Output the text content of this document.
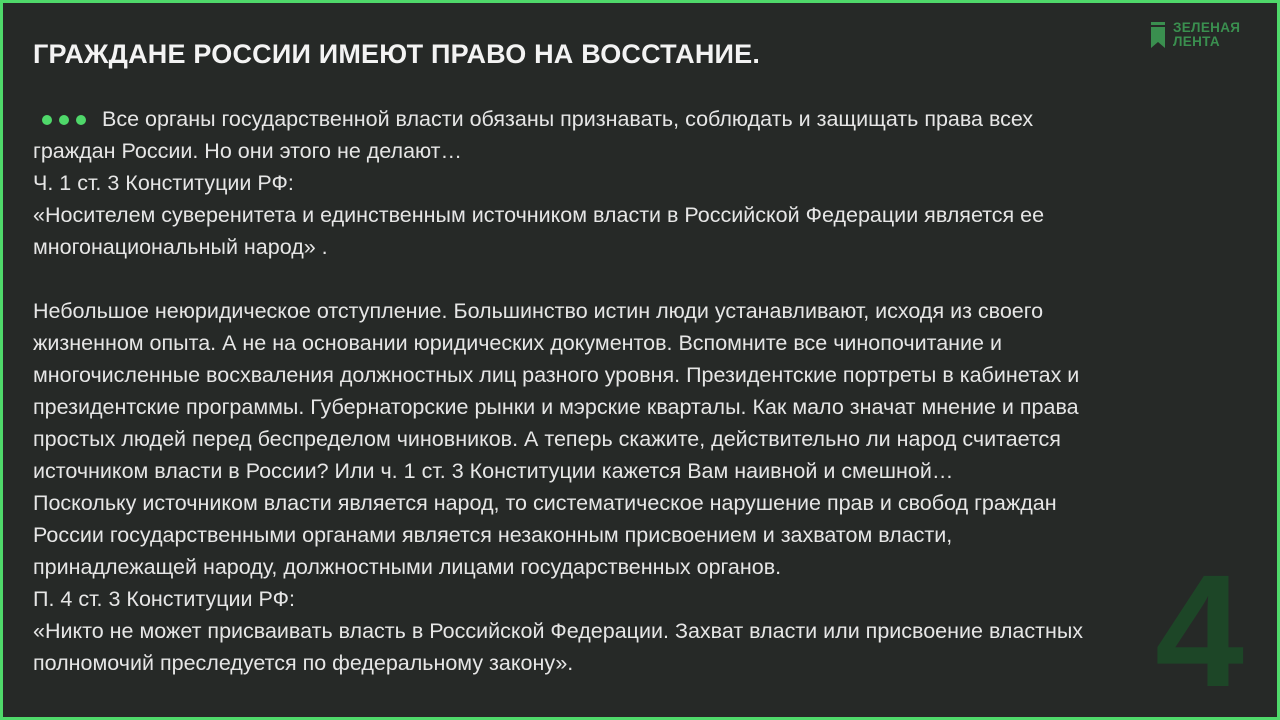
ГРАЖДАНЕ РОССИИ ИМЕЮТ ПРАВО НА ВОССТАНИЕ.
ЗЕЛЕНАЯ
ЛЕНТА
4
Все органы государственной власти обязаны признавать, соблюдать и защищать права всех
граждан России. Но они этого не делают…
Ч. 1 ст. 3 Конституции РФ:
«Носителем суверенитета и единственным источником власти в Российской Федерации является ее
многонациональный народ» .
Небольшое неюридическое отступление. Большинство истин люди устанавливают, исходя из своего
жизненном опыта. А не на основании юридических документов. Вспомните все чинопочитание и
многочисленные восхваления должностных лиц разного уровня. Президентские портреты в кабинетах и
президентские программы. Губернаторские рынки и мэрские кварталы. Как мало значат мнение и права
простых людей перед беспределом чиновников. А теперь скажите, действительно ли народ считается
источником власти в России? Или ч. 1 ст. 3 Конституции кажется Вам наивной и смешной…
Поскольку источником власти является народ, то систематическое нарушение прав и свобод граждан
России государственными органами является незаконным присвоением и захватом власти,
принадлежащей народу, должностными лицами государственных органов.
П. 4 ст. 3 Конституции РФ:
«Никто не может присваивать власть в Российской Федерации. Захват власти или присвоение властных
полномочий преследуется по федеральному закону».
